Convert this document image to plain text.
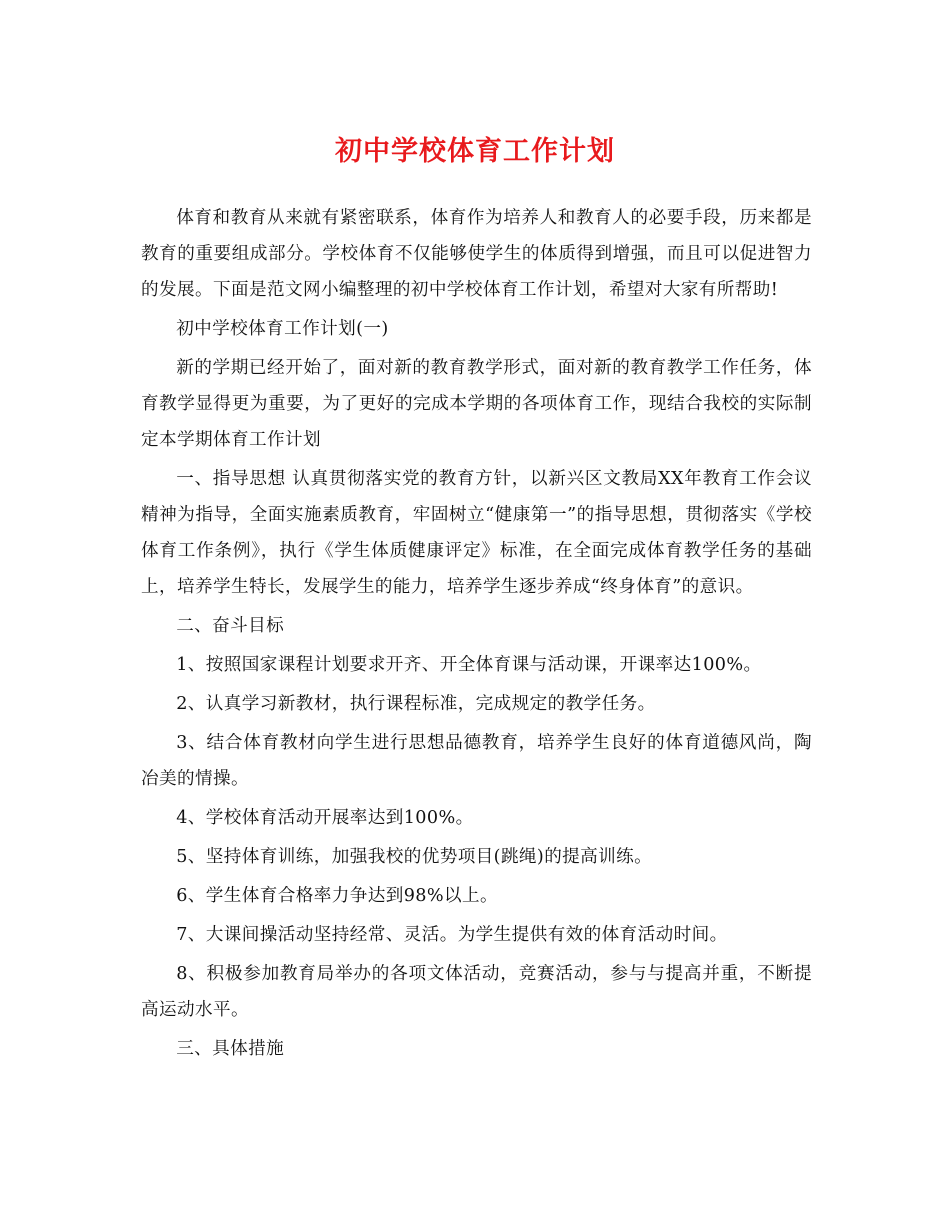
初中学校体育工作计划

体育和教育从来就有紧密联系，体育作为培养人和教育人的必要手段，历来都是教育的重要组成部分。学校体育不仅能够使学生的体质得到增强，而且可以促进智力的发展。下面是范文网小编整理的初中学校体育工作计划，希望对大家有所帮助!

初中学校体育工作计划(一)

新的学期已经开始了，面对新的教育教学形式，面对新的教育教学工作任务，体育教学显得更为重要，为了更好的完成本学期的各项体育工作，现结合我校的实际制定本学期体育工作计划

一、指导思想 认真贯彻落实党的教育方针，以新兴区文教局XX年教育工作会议精神为指导，全面实施素质教育，牢固树立“健康第一”的指导思想，贯彻落实《学校体育工作条例》，执行《学生体质健康评定》标准，在全面完成体育教学任务的基础上，培养学生特长，发展学生的能力，培养学生逐步养成“终身体育”的意识。

二、奋斗目标

1、按照国家课程计划要求开齐、开全体育课与活动课，开课率达100%。

2、认真学习新教材，执行课程标准，完成规定的教学任务。

3、结合体育教材向学生进行思想品德教育，培养学生良好的体育道德风尚，陶冶美的情操。

4、学校体育活动开展率达到100%。

5、坚持体育训练，加强我校的优势项目(跳绳)的提高训练。

6、学生体育合格率力争达到98%以上。

7、大课间操活动坚持经常、灵活。为学生提供有效的体育活动时间。

8、积极参加教育局举办的各项文体活动，竞赛活动，参与与提高并重，不断提高运动水平。

三、具体措施
